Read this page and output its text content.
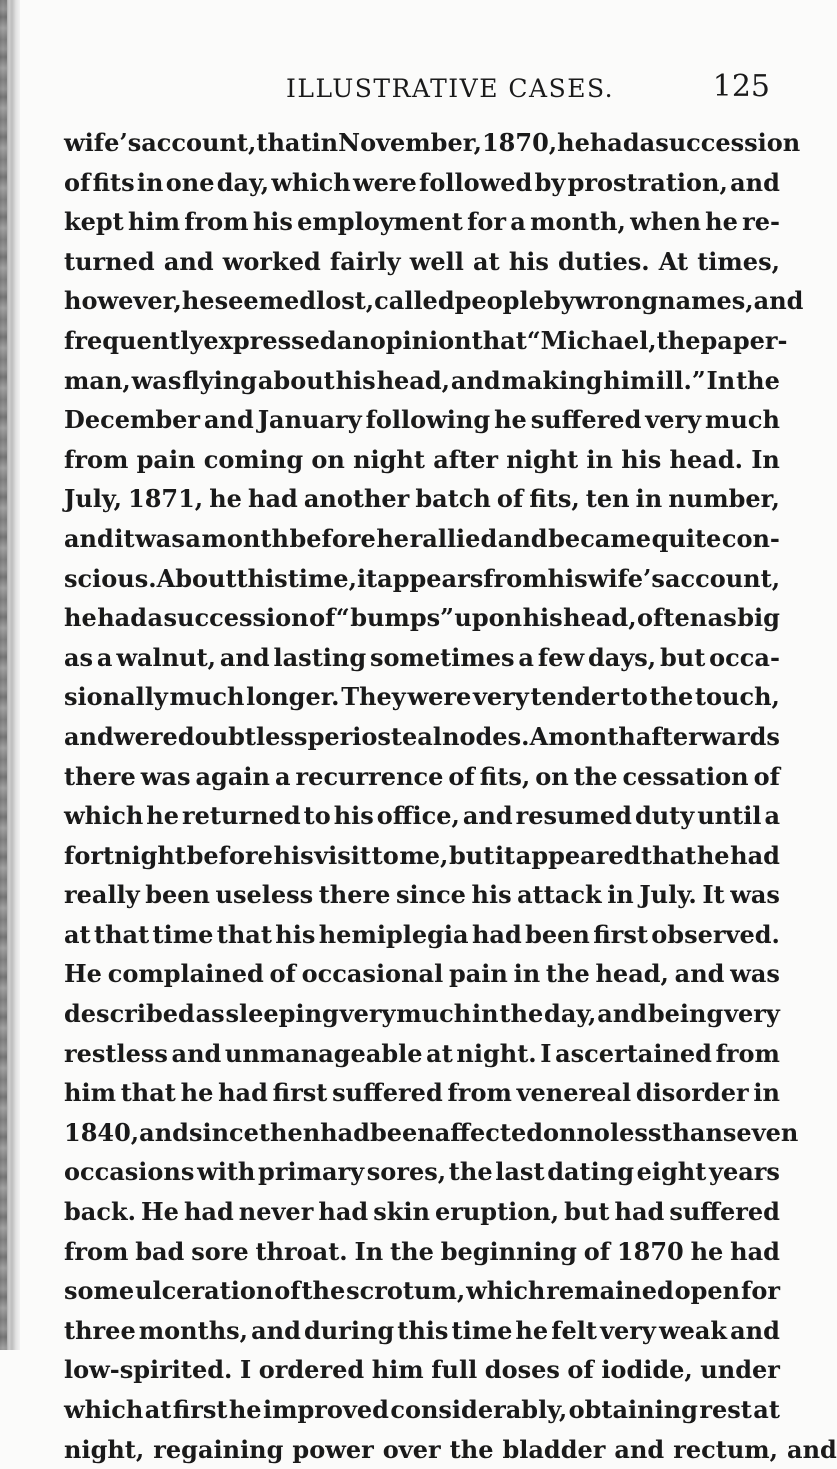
ILLUSTRATIVE CASES.	125
wife’s account, that in November, 1870, he had a succession
of fits in one day, which were followed by prostration, and
kept him from his employment for a month, when he re-
turned and worked fairly well at his duties. At times,
however, he seemed lost, called people by wrong names, and
frequently expressed an opinion that “ Michael, the paper-
man, was flying about his head, and making him ill.” In the
December and January following he suffered very much
from pain coming on night after night in his head. In
July, 1871, he had another batch of fits, ten in number,
and it was a month before he rallied and became quite con-
scious. About this time, it appears from his wife’s account,
he had a succession of “ bumps” upon his head, often as big
as a walnut, and lasting sometimes a few days, but occa-
sionally much longer. They were very tender to the touch,
and were doubtless periosteal nodes. A month afterwards
there was again a recurrence of fits, on the cessation of
which he returned to his office, and resumed duty until a
fortnight before his visit to me, but it appeared that he had
really been useless there since his attack in July. It was
at that time that his hemiplegia had been first observed.
He complained of occasional pain in the head, and was
described as sleeping very much in the day, and being very
restless and unmanageable at night. I ascertained from
him that he had first suffered from venereal disorder in
1840, and since then had been affected on no less than seven
occasions with primary sores, the last dating eight years
back. He had never had skin eruption, but had suffered
from bad sore throat. In the beginning of 1870 he had
some ulceration of the scrotum, which remained open for
three months, and during this time he felt very weak and
low-spirited. I ordered him full doses of iodide, under
which at first he improved considerably, obtaining rest at
night, regaining power over the bladder and rectum, and
